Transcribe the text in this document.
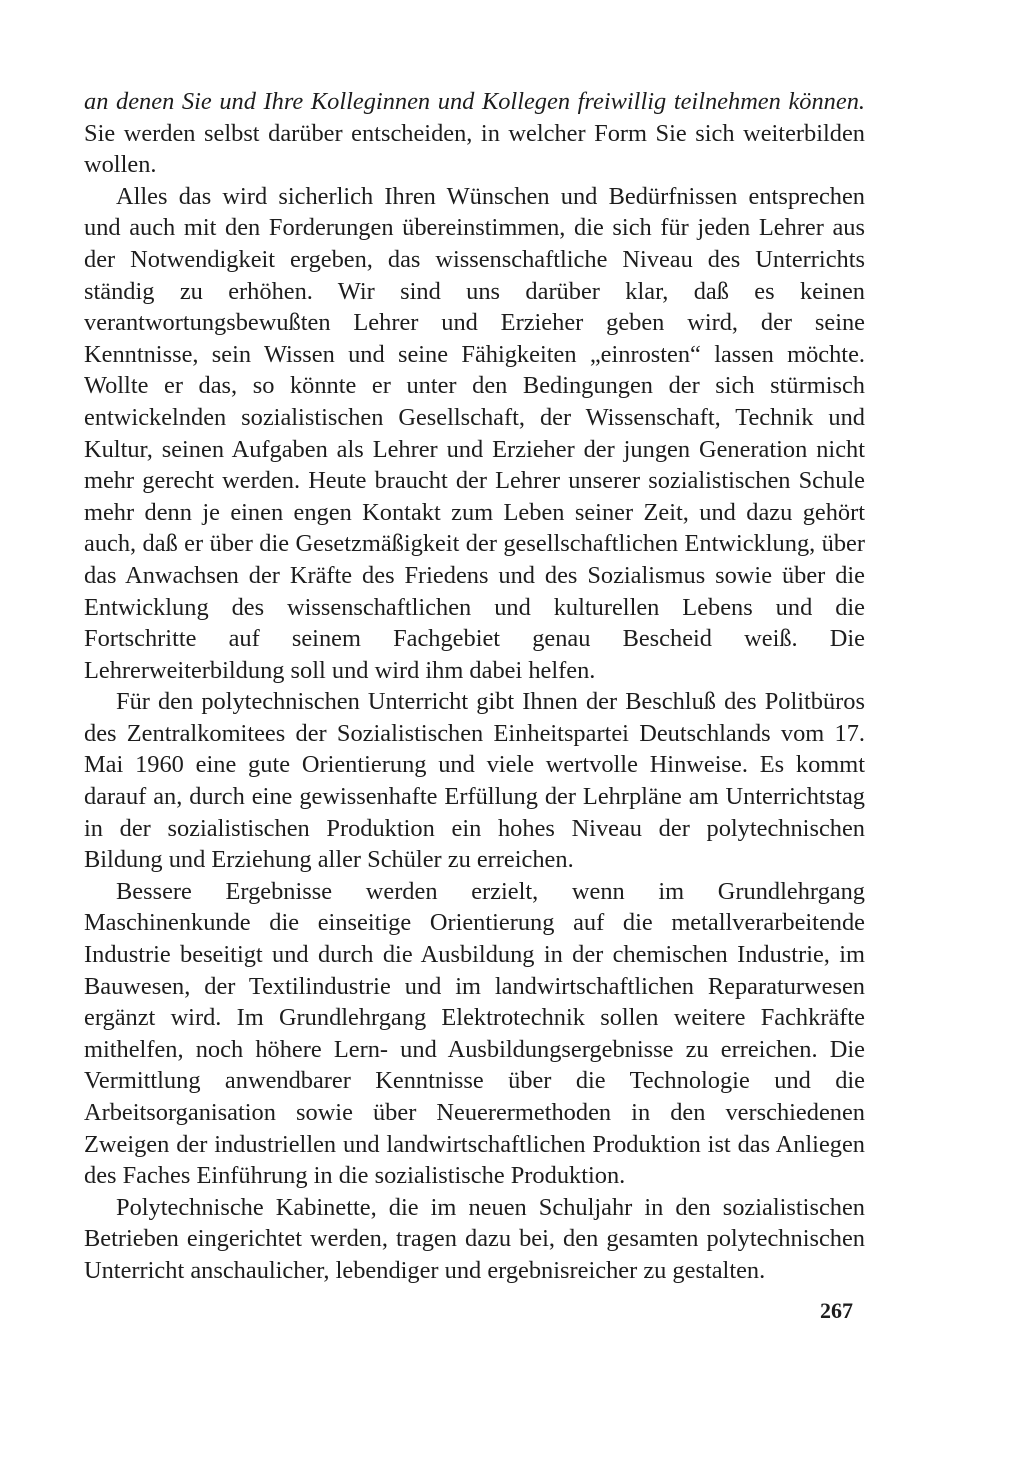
an denen Sie und Ihre Kolleginnen und Kollegen freiwillig teilnehmen können. Sie werden selbst darüber entscheiden, in welcher Form Sie sich weiterbilden wollen.

Alles das wird sicherlich Ihren Wünschen und Bedürfnissen entsprechen und auch mit den Forderungen übereinstimmen, die sich für jeden Lehrer aus der Notwendigkeit ergeben, das wissenschaftliche Niveau des Unterrichts ständig zu erhöhen. Wir sind uns darüber klar, daß es keinen verantwortungsbewußten Lehrer und Erzieher geben wird, der seine Kenntnisse, sein Wissen und seine Fähigkeiten „einrosten“ lassen möchte. Wollte er das, so könnte er unter den Bedingungen der sich stürmisch entwickelnden sozialistischen Gesellschaft, der Wissenschaft, Technik und Kultur, seinen Aufgaben als Lehrer und Erzieher der jungen Generation nicht mehr gerecht werden. Heute braucht der Lehrer unserer sozialistischen Schule mehr denn je einen engen Kontakt zum Leben seiner Zeit, und dazu gehört auch, daß er über die Gesetzmäßigkeit der gesellschaftlichen Entwicklung, über das Anwachsen der Kräfte des Friedens und des Sozialismus sowie über die Entwicklung des wissenschaftlichen und kulturellen Lebens und die Fortschritte auf seinem Fachgebiet genau Bescheid weiß. Die Lehrerweiterbildung soll und wird ihm dabei helfen.

Für den polytechnischen Unterricht gibt Ihnen der Beschluß des Politbüros des Zentralkomitees der Sozialistischen Einheitspartei Deutschlands vom 17. Mai 1960 eine gute Orientierung und viele wertvolle Hinweise. Es kommt darauf an, durch eine gewissenhafte Erfüllung der Lehrpläne am Unterrichtstag in der sozialistischen Produktion ein hohes Niveau der polytechnischen Bildung und Erziehung aller Schüler zu erreichen.

Bessere Ergebnisse werden erzielt, wenn im Grundlehrgang Maschinenkunde die einseitige Orientierung auf die metallverarbeitende Industrie beseitigt und durch die Ausbildung in der chemischen Industrie, im Bauwesen, der Textilindustrie und im landwirtschaftlichen Reparaturwesen ergänzt wird. Im Grundlehrgang Elektrotechnik sollen weitere Fachkräfte mithelfen, noch höhere Lern- und Ausbildungsergebnisse zu erreichen. Die Vermittlung anwendbarer Kenntnisse über die Technologie und die Arbeitsorganisation sowie über Neuerermethoden in den verschiedenen Zweigen der industriellen und landwirtschaftlichen Produktion ist das Anliegen des Faches Einführung in die sozialistische Produktion.

Polytechnische Kabinette, die im neuen Schuljahr in den sozialistischen Betrieben eingerichtet werden, tragen dazu bei, den gesamten polytechnischen Unterricht anschaulicher, lebendiger und ergebnisreicher zu gestalten.

267
